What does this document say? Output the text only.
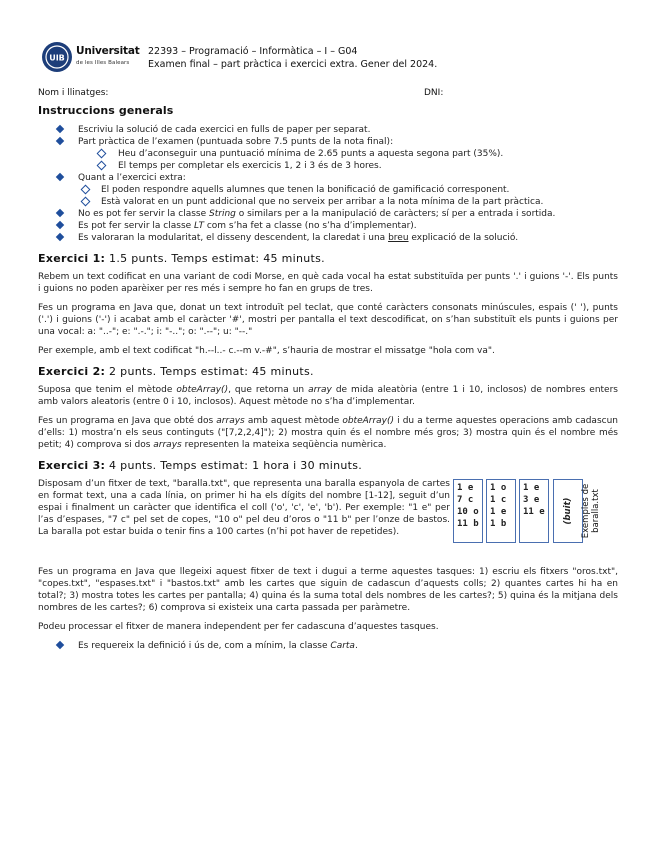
UIB
Universitat
de les Illes Balears
22393 – Programació – Informàtica – I – G04
Examen final – part pràctica i exercici extra. Gener del 2024.
Nom i llinatges:	DNI:
Instruccions generals
Escriviu la solució de cada exercici en fulls de paper per separat.
Part pràctica de l’examen (puntuada sobre 7.5 punts de la nota final):
Heu d’aconseguir una puntuació mínima de 2.65 punts a aquesta segona part (35%).
El temps per completar els exercicis 1, 2 i 3 és de 3 hores.
Quant a l’exercici extra:
El poden respondre aquells alumnes que tenen la bonificació de gamificació corresponent.
Està valorat en un punt addicional que no serveix per arribar a la nota mínima de la part pràctica.
No es pot fer servir la classe String o similars per a la manipulació de caràcters; sí per a entrada i sortida.
Es pot fer servir la classe LT com s’ha fet a classe (no s’ha d’implementar).
Es valoraran la modularitat, el disseny descendent, la claredat i una breu explicació de la solució.
Exercici 1: 1.5 punts. Temps estimat: 45 minuts.

Rebem un text codificat en una variant de codi Morse, en què cada vocal ha estat substituïda per punts '.' i guions '-'. Els punts i guions no poden aparèixer per res més i sempre ho fan en grups de tres.

Fes un programa en Java que, donat un text introduït pel teclat, que conté caràcters consonats minúscules, espais (' '), punts ('.') i guions ('-') i acabat amb el caràcter '#', mostri per pantalla el text descodificat, on s’han substituït els punts i guions per una vocal: a: "..-"; e: ".-."; i: "-.."; o: ".--"; u: "--."

Per exemple, amb el text codificat "h.--l..- c.--m v.-#", s’hauria de mostrar el missatge "hola com va".

Exercici 2: 2 punts. Temps estimat: 45 minuts.

Suposa que tenim el mètode obteArray(), que retorna un array de mida aleatòria (entre 1 i 10, inclosos) de nombres enters amb valors aleatoris (entre 0 i 10, inclosos). Aquest mètode no s’ha d’implementar.

Fes un programa en Java que obté dos arrays amb aquest mètode obteArray() i du a terme aquestes operacions amb cadascun d’ells: 1) mostra’n els seus continguts ("[7,2,2,4]"); 2) mostra quin és el nombre més gros; 3) mostra quin és el nombre més petit; 4) comprova si dos arrays representen la mateixa seqüència numèrica.

Exercici 3: 4 punts. Temps estimat: 1 hora i 30 minuts.
Disposam d’un fitxer de text, "baralla.txt", que representa una baralla espanyola de cartes en format text, una a cada línia, on primer hi ha els dígits del nombre [1-12], seguit d’un espai i finalment un caràcter que identifica el coll ('o', 'c', 'e', 'b'). Per exemple: "1 e" per l’as d’espases, "7 c" pel set de copes, "10 o" pel deu d’oros o "11 b" per l’onze de bastos. La baralla pot estar buida o tenir fins a 100 cartes (n’hi pot haver de repetides).
1 e
7 c
10 o
11 b
1 o
1 c
1 e
1 b
1 e
3 e
11 e	(buit) Exemples de baralla.txt

Fes un programa en Java que llegeixi aquest fitxer de text i dugui a terme aquestes tasques: 1) escriu els fitxers "oros.txt", "copes.txt", "espases.txt" i "bastos.txt" amb les cartes que siguin de cadascun d’aquests colls; 2) quantes cartes hi ha en total?; 3) mostra totes les cartes per pantalla; 4) quina és la suma total dels nombres de les cartes?; 5) quina és la mitjana dels nombres de les cartes?; 6) comprova si existeix una carta passada per paràmetre.

Podeu processar el fitxer de manera independent per fer cadascuna d’aquestes tasques.

Es requereix la definició i ús de, com a mínim, la classe Carta.
